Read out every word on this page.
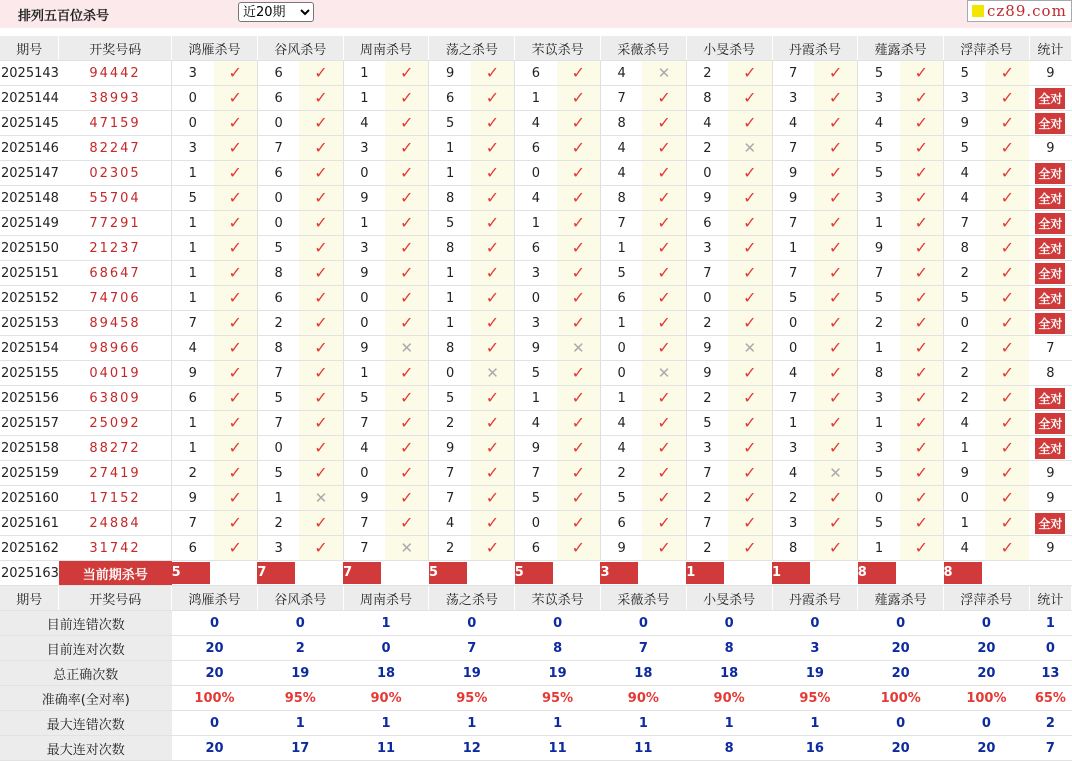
排列五百位杀号
近20期	cz89.com
期号	开奖号码	鸿雁杀号		谷风杀号		周南杀号		荡之杀号		芣苡杀号		采薇杀号		小旻杀号		丹霞杀号		薤露杀号		浮萍杀号		统计
2025143	94442	3	✓	6	✓	1	✓	9	✓	6	✓	4	✕	2	✓	7	✓	5	✓	5	✓	9
2025144	38993	0	✓	6	✓	1	✓	6	✓	1	✓	7	✓	8	✓	3	✓	3	✓	3	✓	全对
2025145	47159	0	✓	0	✓	4	✓	5	✓	4	✓	8	✓	4	✓	4	✓	4	✓	9	✓	全对
2025146	82247	3	✓	7	✓	3	✓	1	✓	6	✓	4	✓	2	✕	7	✓	5	✓	5	✓	9
2025147	02305	1	✓	6	✓	0	✓	1	✓	0	✓	4	✓	0	✓	9	✓	5	✓	4	✓	全对
2025148	55704	5	✓	0	✓	9	✓	8	✓	4	✓	8	✓	9	✓	9	✓	3	✓	4	✓	全对
2025149	77291	1	✓	0	✓	1	✓	5	✓	1	✓	7	✓	6	✓	7	✓	1	✓	7	✓	全对
2025150	21237	1	✓	5	✓	3	✓	8	✓	6	✓	1	✓	3	✓	1	✓	9	✓	8	✓	全对
2025151	68647	1	✓	8	✓	9	✓	1	✓	3	✓	5	✓	7	✓	7	✓	7	✓	2	✓	全对
2025152	74706	1	✓	6	✓	0	✓	1	✓	0	✓	6	✓	0	✓	5	✓	5	✓	5	✓	全对
2025153	89458	7	✓	2	✓	0	✓	1	✓	3	✓	1	✓	2	✓	0	✓	2	✓	0	✓	全对
2025154	98966	4	✓	8	✓	9	✕	8	✓	9	✕	0	✓	9	✕	0	✓	1	✓	2	✓	7
2025155	04019	9	✓	7	✓	1	✓	0	✕	5	✓	0	✕	9	✓	4	✓	8	✓	2	✓	8
2025156	63809	6	✓	5	✓	5	✓	5	✓	1	✓	1	✓	2	✓	7	✓	3	✓	2	✓	全对
2025157	25092	1	✓	7	✓	7	✓	2	✓	4	✓	4	✓	5	✓	1	✓	1	✓	4	✓	全对
2025158	88272	1	✓	0	✓	4	✓	9	✓	9	✓	4	✓	3	✓	3	✓	3	✓	1	✓	全对
2025159	27419	2	✓	5	✓	0	✓	7	✓	7	✓	2	✓	7	✓	4	✕	5	✓	9	✓	9
2025160	17152	9	✓	1	✕	9	✓	7	✓	5	✓	5	✓	2	✓	2	✓	0	✓	0	✓	9
2025161	24884	7	✓	2	✓	7	✓	4	✓	0	✓	6	✓	7	✓	3	✓	5	✓	1	✓	全对
2025162	31742	6	✓	3	✓	7	✕	2	✓	6	✓	9	✓	2	✓	8	✓	1	✓	4	✓	9
2025163	当前期杀号	5		7		7		5		5		3		1		1		8		8		

期号	开奖号码	鸿雁杀号		谷风杀号		周南杀号		荡之杀号		芣苡杀号		采薇杀号		小旻杀号		丹霞杀号		薤露杀号		浮萍杀号		统计
目前连错次数		0		0		1		0		0		0		0		0		0		0		1
目前连对次数		20		2		0		7		8		7		8		3		20		20		0
总正确次数		20		19		18		19		19		18		18		19		20		20		13
准确率(全对率)		100%		95%		90%		95%		95%		90%		90%		95%		100%		100%		65%
最大连错次数		0		1		1		1		1		1		1		1		0		0		2
最大连对次数		20		17		11		12		11		11		8		16		20		20		7
